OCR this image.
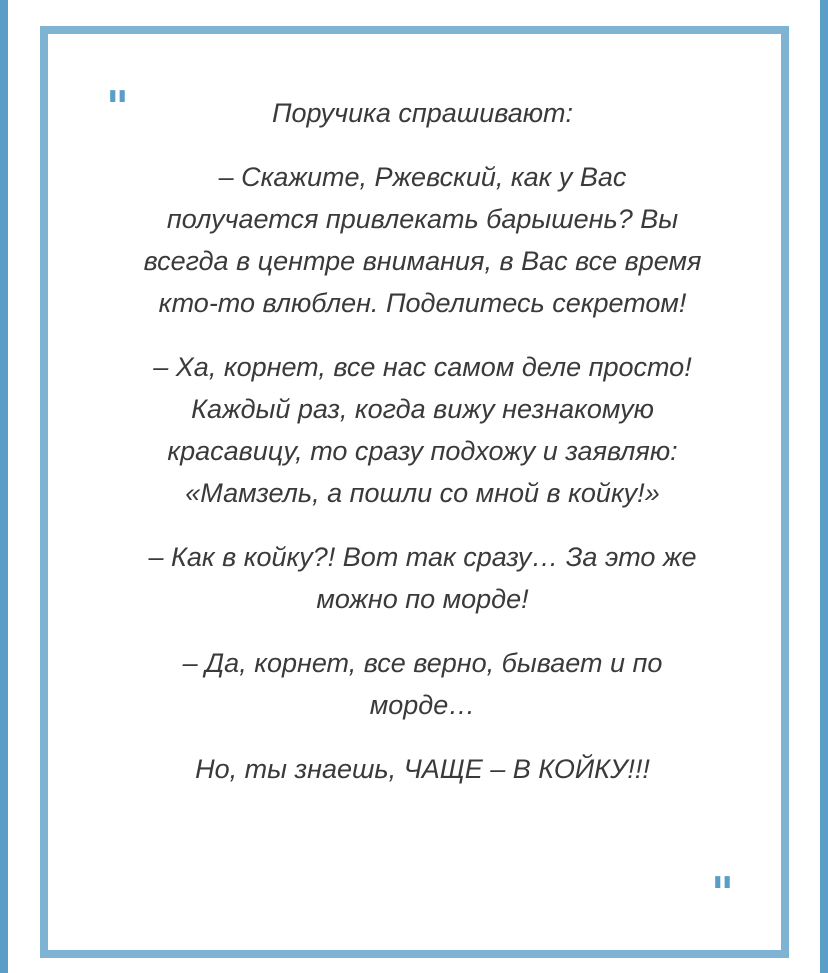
"	Поручика спрашивают:

– Скажите, Ржевский, как у Вас получается привлекать барышень? Вы всегда в центре внимания, в Вас все время кто-то влюблен. Поделитесь секретом!

– Ха, корнет, все нас самом деле просто! Каждый раз, когда вижу незнакомую красавицу, то сразу подхожу и заявляю: «Мамзель, а пошли со мной в койку!»

– Как в койку?! Вот так сразу… За это же можно по морде!

– Да, корнет, все верно, бывает и по морде…

Но, ты знаешь, ЧАЩЕ – В КОЙКУ!!!

"
